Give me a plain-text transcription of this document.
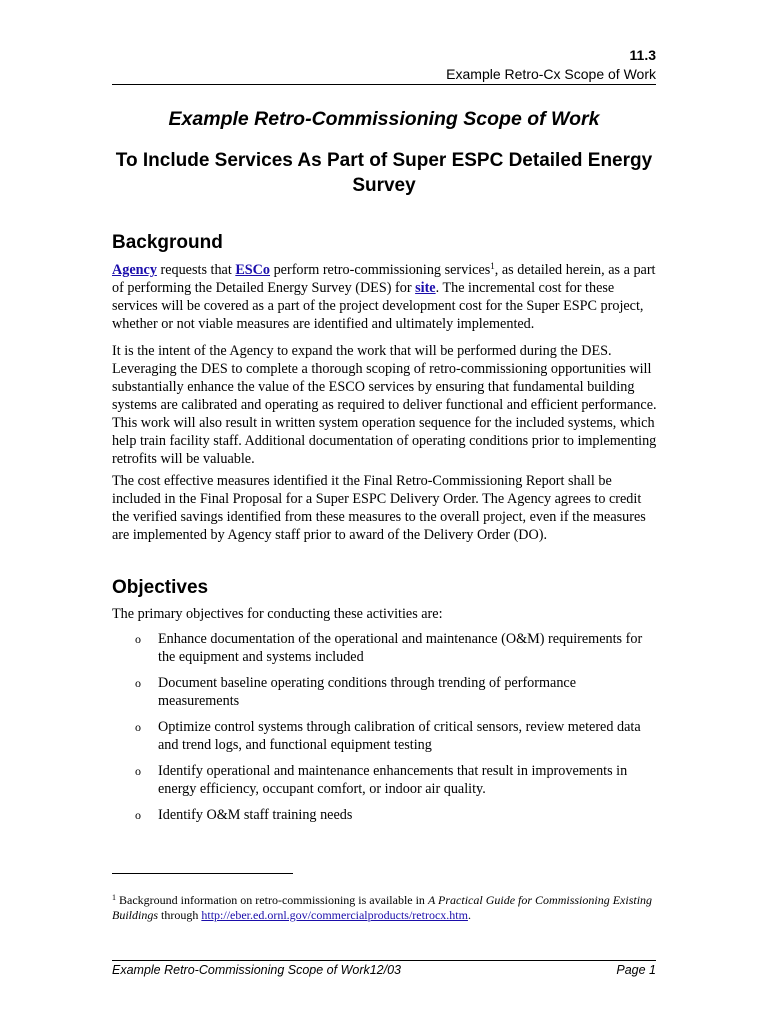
11.3
Example Retro-Cx Scope of Work
Example Retro-Commissioning Scope of Work
To Include Services As Part of Super ESPC Detailed Energy Survey
Background

Agency requests that ESCo perform retro-commissioning services$^1$, as detailed herein, as a part of performing the Detailed Energy Survey (DES) for site. The incremental cost for these services will be covered as a part of the project development cost for the Super ESPC project, whether or not viable measures are identified and ultimately implemented.

It is the intent of the Agency to expand the work that will be performed during the DES. Leveraging the DES to complete a thorough scoping of retro-commissioning opportunities will substantially enhance the value of the ESCO services by ensuring that fundamental building systems are calibrated and operating as required to deliver functional and efficient performance. This work will also result in written system operation sequence for the included systems, which help train facility staff. Additional documentation of operating conditions prior to implementing retrofits will be valuable.

The cost effective measures identified it the Final Retro-Commissioning Report shall be included in the Final Proposal for a Super ESPC Delivery Order. The Agency agrees to credit the verified savings identified from these measures to the overall project, even if the measures are implemented by Agency staff prior to award of the Delivery Order (DO).

Objectives
The primary objectives for conducting these activities are:
o Enhance documentation of the operational and maintenance (O&M) requirements for the equipment and systems included
o Document baseline operating conditions through trending of performance measurements
o Optimize control systems through calibration of critical sensors, review metered data and trend logs, and functional equipment testing
o Identify operational and maintenance enhancements that result in improvements in energy efficiency, occupant comfort, or indoor air quality.
o Identify O&M staff training needs
$^1$ Background information on retro-commissioning is available in A Practical Guide for Commissioning Existing Buildings through http://eber.ed.ornl.gov/commercialproducts/retrocx.htm.
Example Retro-Commissioning Scope of Work12/03	Page 1
